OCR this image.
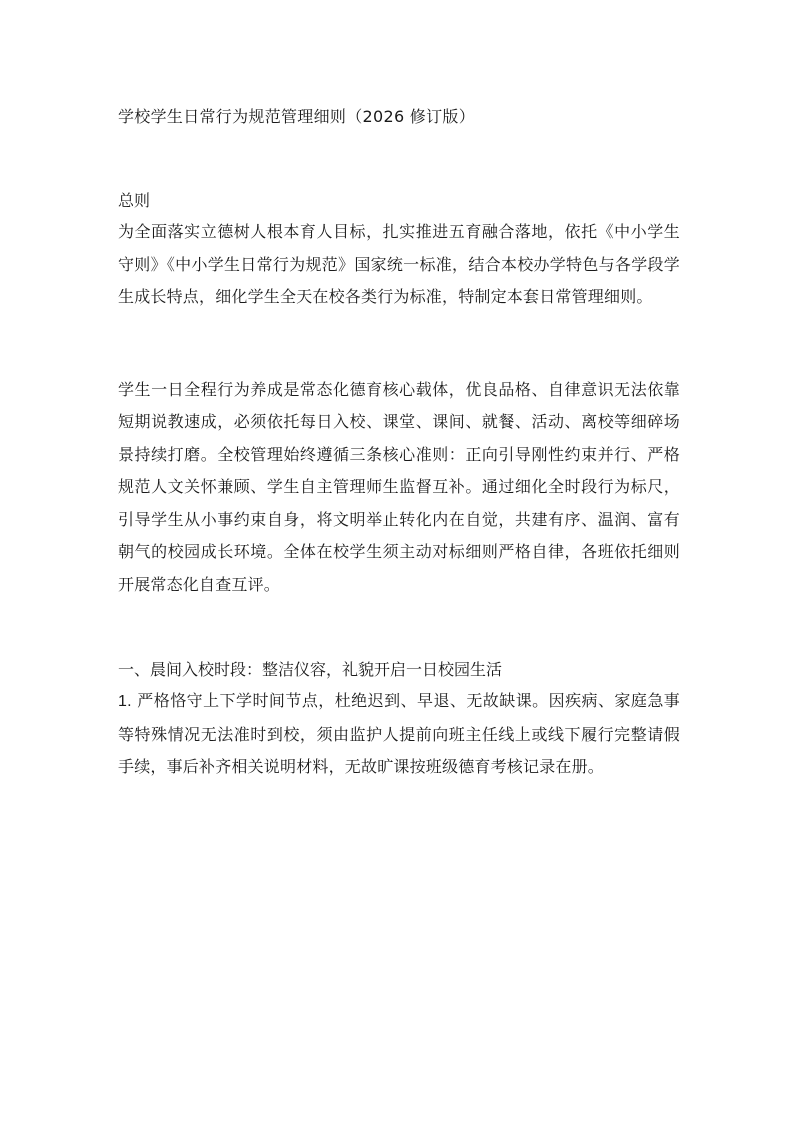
学校学生日常行为规范管理细则（2026 修订版）

总则

为全面落实立德树人根本育人目标，扎实推进五育融合落地，依托《中小学生守则》《中小学生日常行为规范》国家统一标准，结合本校办学特色与各学段学生成长特点，细化学生全天在校各类行为标准，特制定本套日常管理细则。

学生一日全程行为养成是常态化德育核心载体，优良品格、自律意识无法依靠短期说教速成，必须依托每日入校、课堂、课间、就餐、活动、离校等细碎场景持续打磨。全校管理始终遵循三条核心准则：正向引导刚性约束并行、严格规范人文关怀兼顾、学生自主管理师生监督互补。通过细化全时段行为标尺，引导学生从小事约束自身，将文明举止转化内在自觉，共建有序、温润、富有朝气的校园成长环境。全体在校学生须主动对标细则严格自律，各班依托细则开展常态化自查互评。

一、晨间入校时段：整洁仪容，礼貌开启一日校园生活

1. 严格恪守上下学时间节点，杜绝迟到、早退、无故缺课。因疾病、家庭急事等特殊情况无法准时到校，须由监护人提前向班主任线上或线下履行完整请假手续，事后补齐相关说明材料，无故旷课按班级德育考核记录在册。
